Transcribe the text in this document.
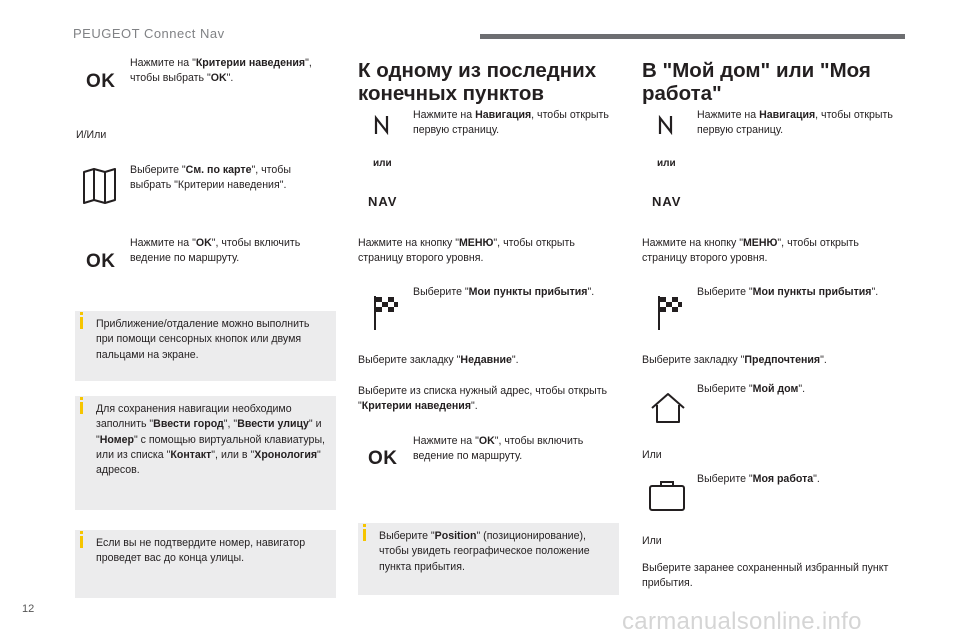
PEUGEOT Connect Nav
OK
Нажмите на "Критерии наведения", чтобы выбрать "OK".
И/Или
Выберите "См. по карте", чтобы выбрать "Критерии наведения".
OK
Нажмите на "OK", чтобы включить ведение по маршруту.
Приближение/отдаление можно выполнить при помощи сенсорных кнопок или двумя пальцами на экране.
Для сохранения навигации необходимо заполнить "Ввести город", "Ввести улицу" и "Номер" с помощью виртуальной клавиатуры, или из списка "Контакт", или в "Хронология" адресов.
Если вы не подтвердите номер, навигатор проведет вас до конца улицы.
К одному из последних конечных пунктов
или
NAV
Нажмите на Навигация, чтобы открыть первую страницу.
Нажмите на кнопку "МЕНЮ", чтобы открыть страницу второго уровня.
Выберите "Мои пункты прибытия".
Выберите закладку "Недавние".
Выберите из списка нужный адрес, чтобы открыть "Критерии наведения".
OK
Нажмите на "OK", чтобы включить ведение по маршруту.
Выберите "Position" (позиционирование), чтобы увидеть географическое положение пункта прибытия.
В "Мой дом" или "Моя работа"
или
NAV
Нажмите на Навигация, чтобы открыть первую страницу.
Нажмите на кнопку "МЕНЮ", чтобы открыть страницу второго уровня.
Выберите "Мои пункты прибытия".
Выберите закладку "Предпочтения".
Выберите "Мой дом".
Или
Выберите "Моя работа".
Или
Выберите заранее сохраненный избранный пункт прибытия.
12	carmanualsonline.info
